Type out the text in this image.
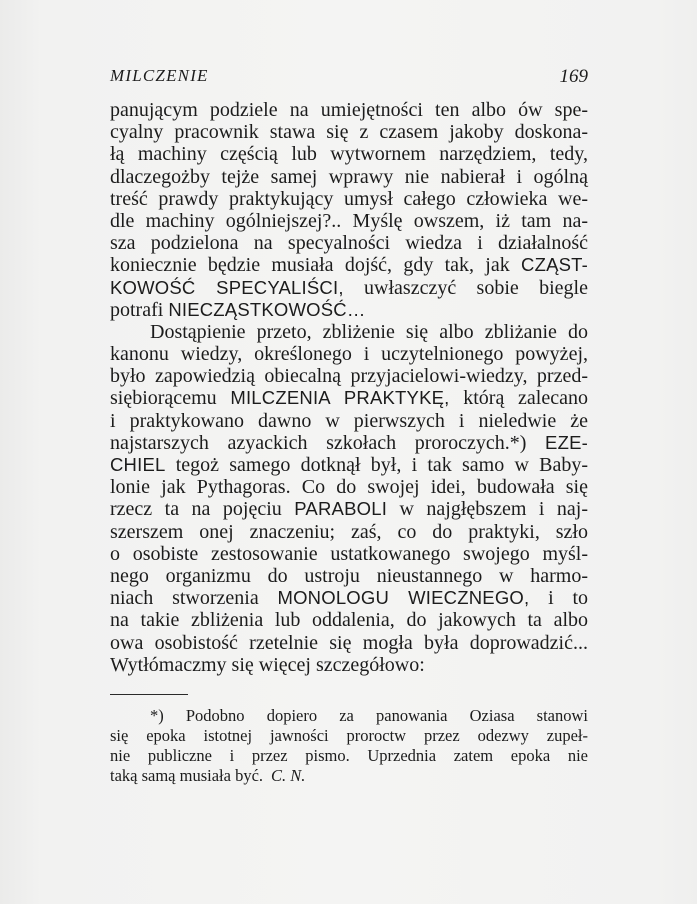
MILCZENIE	169
panującym podziele na umiejętności ten albo ów spe-
cyalny pracownik stawa się z czasem jakoby doskona-
łą machiny częścią lub wytwornem narzędziem, tedy,
dlaczegożby tejże samej wprawy nie nabierał i ogólną
treść prawdy praktykujący umysł całego człowieka we-
dle machiny ogólniejszej?.. Myślę owszem, iż tam na-
sza podzielona na specyalności wiedza i działalność
koniecznie będzie musiała dojść, gdy tak, jak CZĄST-
KOWOŚĆ SPECYALIŚCI, uwłaszczyć sobie biegle
potrafi NIECZĄSTKOWOŚĆ…
Dostąpienie przeto, zbliżenie się albo zbliżanie do
kanonu wiedzy, określonego i uczytelnionego powyżej,
było zapowiedzią obiecalną przyjacielowi-wiedzy, przed-
siębiorącemu MILCZENIA PRAKTYKĘ, którą zalecano
i praktykowano dawno w pierwszych i nieledwie że
najstarszych azyackich szkołach proroczych.*) EZE-
CHIEL tegoż samego dotknął był, i tak samo w Baby-
lonie jak Pythagoras. Co do swojej idei, budowała się
rzecz ta na pojęciu PARABOLI w najgłębszem i naj-
szerszem onej znaczeniu; zaś, co do praktyki, szło
o osobiste zestosowanie ustatkowanego swojego myśl-
nego organizmu do ustroju nieustannego w harmo-
niach stworzenia MONOLOGU WIECZNEGO, i to
na takie zbliżenia lub oddalenia, do jakowych ta albo
owa osobistość rzetelnie się mogła była doprowadzić...
Wytłómaczmy się więcej szczegółowo:
*) Podobno dopiero za panowania Oziasa stanowi
się epoka istotnej jawności proroctw przez odezwy zupeł-
nie publiczne i przez pismo. Uprzednia zatem epoka nie
taką samą musiała być. C. N.
